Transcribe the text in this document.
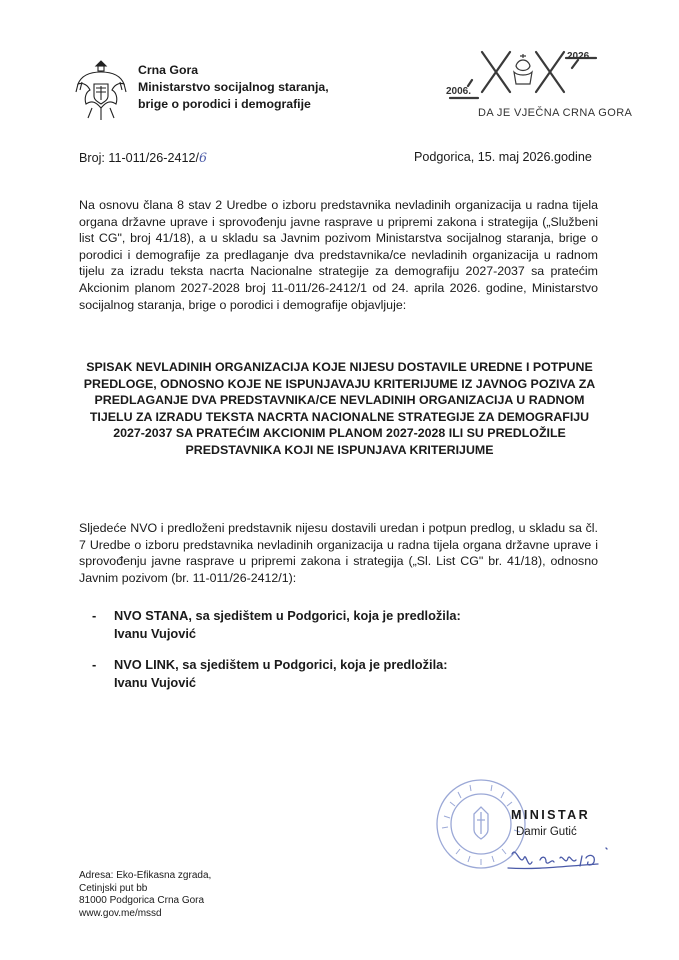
Crna Gora
Ministarstvo socijalnog staranja,
brige o porodici i demografije
2006.
2026
DA JE VJEČNA CRNA GORA
Broj: 11-011/26-2412/6	Podgorica, 15. maj 2026.godine
Na osnovu člana 8 stav 2 Uredbe o izboru predstavnika nevladinih organizacija u radna tijela organa državne uprave i sprovođenju javne rasprave u pripremi zakona i strategija („Službeni list CG", broj 41/18), a u skladu sa Javnim pozivom Ministarstva socijalnog staranja, brige o porodici i demografije za predlaganje dva predstavnika/ce nevladinih organizacija u radnom tijelu za izradu teksta nacrta Nacionalne strategije za demografiju 2027-2037 sa pratećim Akcionim planom 2027-2028 broj 11-011/26-2412/1 od 24. aprila 2026. godine, Ministarstvo socijalnog staranja, brige o porodici i demografije objavljuje:
SPISAK NEVLADINIH ORGANIZACIJA KOJE NIJESU DOSTAVILE UREDNE I POTPUNE PREDLOGE, ODNOSNO KOJE NE ISPUNJAVAJU KRITERIJUME IZ JAVNOG POZIVA ZA PREDLAGANJE DVA PREDSTAVNIKA/CE NEVLADINIH ORGANIZACIJA U RADNOM TIJELU ZA IZRADU TEKSTA NACRTA NACIONALNE STRATEGIJE ZA DEMOGRAFIJU 2027-2037 SA PRATEĆIM AKCIONIM PLANOM 2027-2028 ILI SU PREDLOŽILE PREDSTAVNIKA KOJI NE ISPUNJAVA KRITERIJUME
Sljedeće NVO i predloženi predstavnik nijesu dostavili uredan i potpun predlog, u skladu sa čl. 7 Uredbe o izboru predstavnika nevladinih organizacija u radna tijela organa državne uprave i sprovođenju javne rasprave u pripremi zakona i strategija („Sl. List CG" br. 41/18), odnosno Javnim pozivom (br. 11-011/26-2412/1):
- NVO STANA, sa sjedištem u Podgorici, koja je predložila:
Ivanu Vujović
- NVO LINK, sa sjedištem u Podgorici, koja je predložila:
Ivanu Vujović
MINISTAR
Damir Gutić
Adresa: Eko-Efikasna zgrada,
Cetinjski put bb
81000 Podgorica Crna Gora
www.gov.me/mssd
